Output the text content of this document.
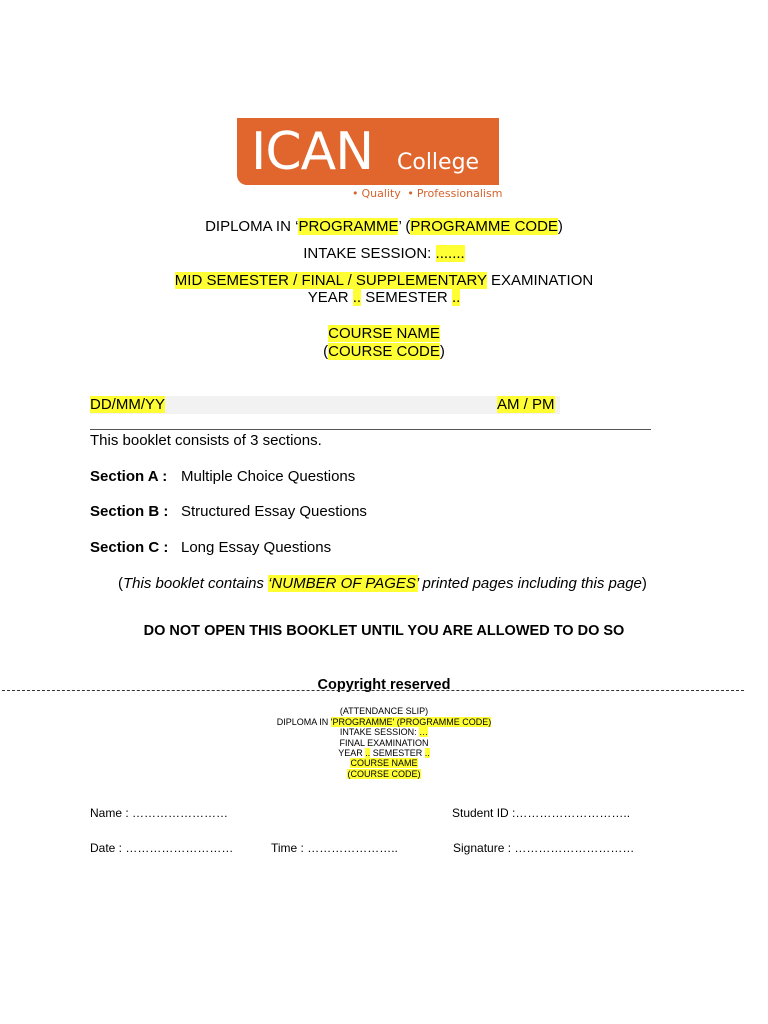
ICAN College
• Quality • Professionalism
DIPLOMA IN ‘PROGRAMME’ (PROGRAMME CODE)
INTAKE SESSION: .......
MID SEMESTER / FINAL / SUPPLEMENTARY EXAMINATION
YEAR .. SEMESTER ..
COURSE NAME
(COURSE CODE)
DD/MM/YY	AM / PM
This booklet consists of 3 sections.
Section A : Multiple Choice Questions
Section B : Structured Essay Questions
Section C : Long Essay Questions
(This booklet contains ‘NUMBER OF PAGES’ printed pages including this page)
DO NOT OPEN THIS BOOKLET UNTIL YOU ARE ALLOWED TO DO SO
Copyright reserved
(ATTENDANCE SLIP)
DIPLOMA IN 'PROGRAMME' (PROGRAMME CODE)
INTAKE SESSION: …
FINAL EXAMINATION
YEAR .. SEMESTER ..
COURSE NAME
(COURSE CODE)
Name : ……………………	Student ID :………………………..
Date : ………………………	Time : …………………..	Signature : …………………………
